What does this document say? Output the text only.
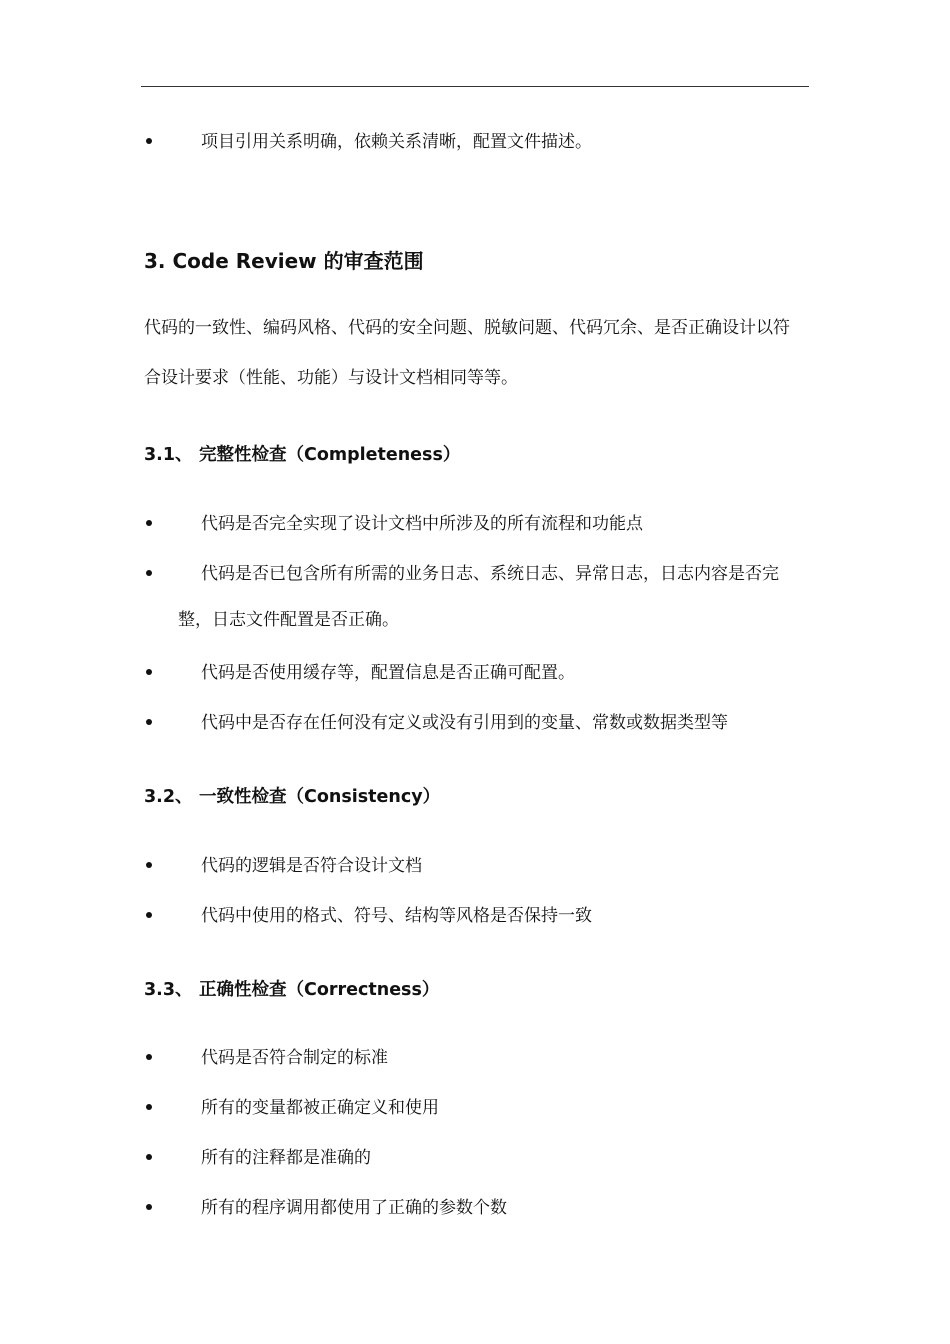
项目引用关系明确，依赖关系清晰，配置文件描述。
3. Code Review 的审查范围
代码的一致性、编码风格、代码的安全问题、脱敏问题、代码冗余、是否正确设计以符
合设计要求（性能、功能）与设计文档相同等等。
3.1、 完整性检查（Completeness）
代码是否完全实现了设计文档中所涉及的所有流程和功能点
代码是否已包含所有所需的业务日志、系统日志、异常日志，日志内容是否完
整，日志文件配置是否正确。
代码是否使用缓存等，配置信息是否正确可配置。
代码中是否存在任何没有定义或没有引用到的变量、常数或数据类型等
3.2、 一致性检查（Consistency）
代码的逻辑是否符合设计文档
代码中使用的格式、符号、结构等风格是否保持一致
3.3、 正确性检查（Correctness）
代码是否符合制定的标准
所有的变量都被正确定义和使用
所有的注释都是准确的
所有的程序调用都使用了正确的参数个数
